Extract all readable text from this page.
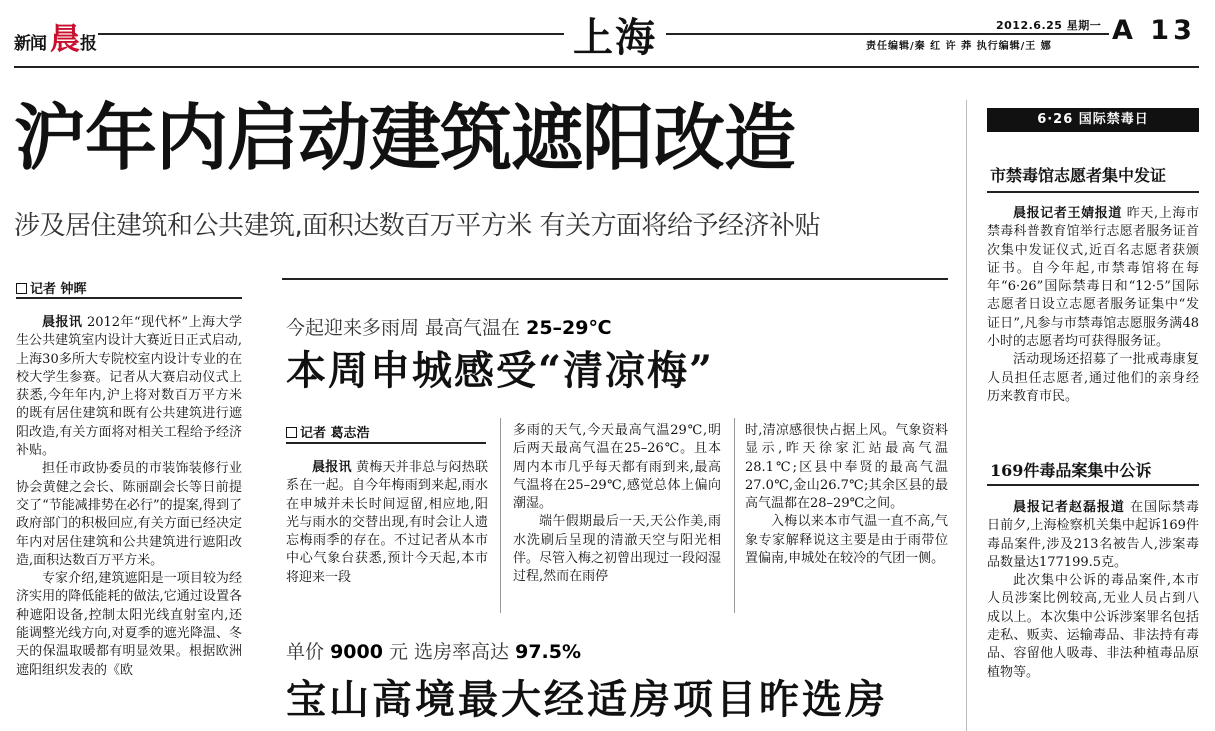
新闻 晨 报	上海	2012.6.25 星期一
责任编辑/秦 红 许 莽 执行编辑/王 娜
A 13
沪年内启动建筑遮阳改造
涉及居住建筑和公共建筑,面积达数百万平方米 有关方面将给予经济补贴
记者 钟晖

晨报讯 2012年“现代杯”上海大学生公共建筑室内设计大赛近日正式启动,上海30多所大专院校室内设计专业的在校大学生参赛。记者从大赛启动仪式上获悉,今年年内,沪上将对数百万平方米的既有居住建筑和既有公共建筑进行遮阳改造,有关方面将对相关工程给予经济补贴。

担任市政协委员的市装饰装修行业协会黄健之会长、陈丽副会长等日前提交了“节能减排势在必行”的提案,得到了政府部门的积极回应,有关方面已经决定年内对居住建筑和公共建筑进行遮阳改造,面积达数百万平方米。

专家介绍,建筑遮阳是一项目较为经济实用的降低能耗的做法,它通过设置各种遮阳设备,控制太阳光线直射室内,还能调整光线方向,对夏季的遮光降温、冬天的保温取暖都有明显效果。根据欧洲遮阳组织发表的《欧

今起迎来多雨周 最高气温在 25–29℃
本周申城感受“清凉梅”
记者 葛志浩

晨报讯 黄梅天并非总与闷热联系在一起。自今年梅雨到来起,雨水在申城并未长时间逗留,相应地,阳光与雨水的交替出现,有时会让人遗忘梅雨季的存在。不过记者从本市中心气象台获悉,预计今天起,本市将迎来一段

多雨的天气,今天最高气温29℃,明后两天最高气温在25–26℃。且本周内本市几乎每天都有雨到来,最高气温将在25–29℃,感觉总体上偏向潮湿。

端午假期最后一天,天公作美,雨水洗刷后呈现的清澈天空与阳光相伴。尽管入梅之初曾出现过一段闷湿过程,然而在雨停

时,清凉感很快占据上风。气象资料显示,昨天徐家汇站最高气温28.1℃;区县中奉贤的最高气温27.0℃,金山26.7℃;其余区县的最高气温都在28–29℃之间。

入梅以来本市气温一直不高,气象专家解释说这主要是由于雨带位置偏南,申城处在较冷的气团一侧。

单价 9000 元 选房率高达 97.5%
宝山高境最大经适房项目昨选房
6·26 国际禁毒日
市禁毒馆志愿者集中发证

晨报记者王婧报道 昨天,上海市禁毒科普教育馆举行志愿者服务证首次集中发证仪式,近百名志愿者获颁证书。自今年起,市禁毒馆将在每年“6·26”国际禁毒日和“12·5”国际志愿者日设立志愿者服务证集中“发证日”,凡参与市禁毒馆志愿服务满48小时的志愿者均可获得服务证。

活动现场还招募了一批戒毒康复人员担任志愿者,通过他们的亲身经历来教育市民。

169件毒品案集中公诉

晨报记者赵磊报道 在国际禁毒日前夕,上海检察机关集中起诉169件毒品案件,涉及213名被告人,涉案毒品数量达177199.5克。

此次集中公诉的毒品案件,本市人员涉案比例较高,无业人员占到八成以上。本次集中公诉涉案罪名包括走私、贩卖、运输毒品、非法持有毒品、容留他人吸毒、非法种植毒品原植物等。
